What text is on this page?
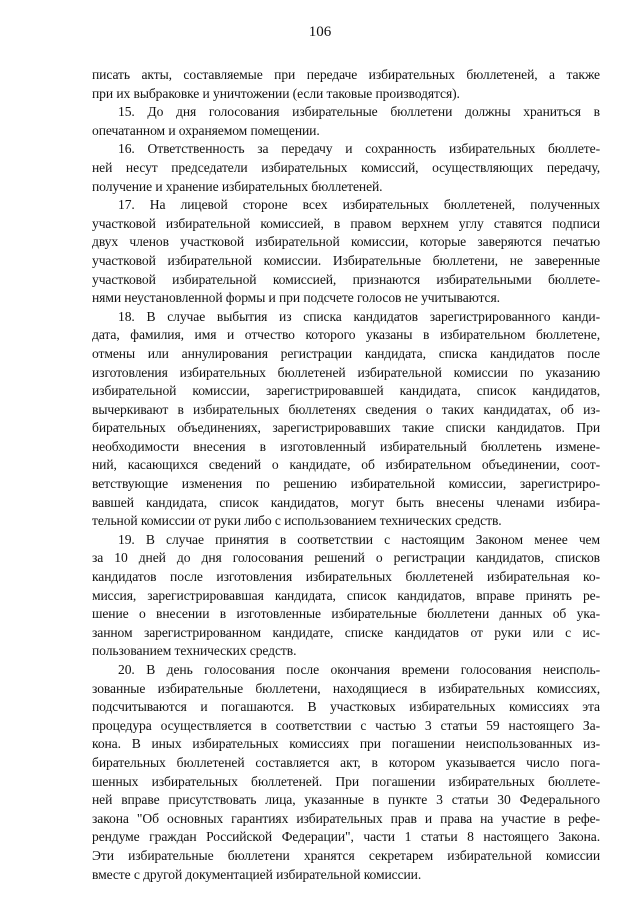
106
писать акты, составляемые при передаче избирательных бюллетеней, а также
при их выбраковке и уничтожении (если таковые производятся).
15. До дня голосования избирательные бюллетени должны храниться в
опечатанном и охраняемом помещении.
16. Ответственность за передачу и сохранность избирательных бюллете-
ней несут председатели избирательных комиссий, осуществляющих передачу,
получение и хранение избирательных бюллетеней.
17. На лицевой стороне всех избирательных бюллетеней, полученных
участковой избирательной комиссией, в правом верхнем углу ставятся подписи
двух членов участковой избирательной комиссии, которые заверяются печатью
участковой избирательной комиссии. Избирательные бюллетени, не заверенные
участковой избирательной комиссией, признаются избирательными бюллете-
нями неустановленной формы и при подсчете голосов не учитываются.
18. В случае выбытия из списка кандидатов зарегистрированного канди-
дата, фамилия, имя и отчество которого указаны в избирательном бюллетене,
отмены или аннулирования регистрации кандидата, списка кандидатов после
изготовления избирательных бюллетеней избирательной комиссии по указанию
избирательной комиссии, зарегистрировавшей кандидата, список кандидатов,
вычеркивают в избирательных бюллетенях сведения о таких кандидатах, об из-
бирательных объединениях, зарегистрировавших такие списки кандидатов. При
необходимости внесения в изготовленный избирательный бюллетень измене-
ний, касающихся сведений о кандидате, об избирательном объединении, соот-
ветствующие изменения по решению избирательной комиссии, зарегистриро-
вавшей кандидата, список кандидатов, могут быть внесены членами избира-
тельной комиссии от руки либо с использованием технических средств.
19. В случае принятия в соответствии с настоящим Законом менее чем
за 10 дней до дня голосования решений о регистрации кандидатов, списков
кандидатов после изготовления избирательных бюллетеней избирательная ко-
миссия, зарегистрировавшая кандидата, список кандидатов, вправе принять ре-
шение о внесении в изготовленные избирательные бюллетени данных об ука-
занном зарегистрированном кандидате, списке кандидатов от руки или с ис-
пользованием технических средств.
20. В день голосования после окончания времени голосования неисполь-
зованные избирательные бюллетени, находящиеся в избирательных комиссиях,
подсчитываются и погашаются. В участковых избирательных комиссиях эта
процедура осуществляется в соответствии с частью 3 статьи 59 настоящего За-
кона. В иных избирательных комиссиях при погашении неиспользованных из-
бирательных бюллетеней составляется акт, в котором указывается число пога-
шенных избирательных бюллетеней. При погашении избирательных бюллете-
ней вправе присутствовать лица, указанные в пункте 3 статьи 30 Федерального
закона "Об основных гарантиях избирательных прав и права на участие в рефе-
рендуме граждан Российской Федерации", части 1 статьи 8 настоящего Закона.
Эти избирательные бюллетени хранятся секретарем избирательной комиссии
вместе с другой документацией избирательной комиссии.
